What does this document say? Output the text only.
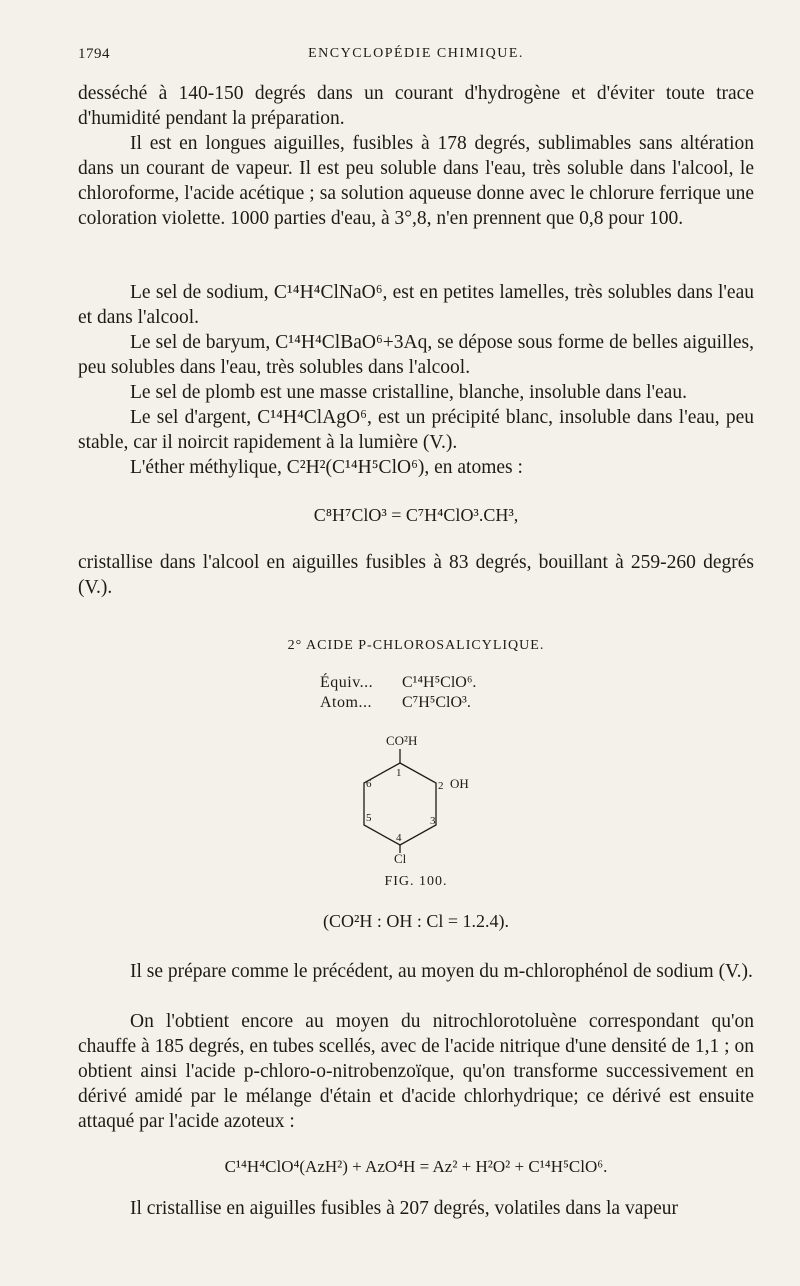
1794	ENCYCLOPÉDIE CHIMIQUE.

desséché à 140-150 degrés dans un courant d'hydrogène et d'éviter toute trace d'humidité pendant la préparation.

Il est en longues aiguilles, fusibles à 178 degrés, sublimables sans altération dans un courant de vapeur. Il est peu soluble dans l'eau, très soluble dans l'alcool, le chloroforme, l'acide acétique ; sa solution aqueuse donne avec le chlorure ferrique une coloration violette. 1000 parties d'eau, à 3°,8, n'en prennent que 0,8 pour 100.

Le sel de sodium, C¹⁴H⁴ClNaO⁶, est en petites lamelles, très solubles dans l'eau et dans l'alcool.

Le sel de baryum, C¹⁴H⁴ClBaO⁶+3Aq, se dépose sous forme de belles aiguilles, peu solubles dans l'eau, très solubles dans l'alcool.

Le sel de plomb est une masse cristalline, blanche, insoluble dans l'eau.

Le sel d'argent, C¹⁴H⁴ClAgO⁶, est un précipité blanc, insoluble dans l'eau, peu stable, car il noircit rapidement à la lumière (V.).

L'éther méthylique, C²H²(C¹⁴H⁵ClO⁶), en atomes :

C⁸H⁷ClO³ = C⁷H⁴ClO³.CH³,

cristallise dans l'alcool en aiguilles fusibles à 83 degrés, bouillant à 259-260 degrés (V.).

2° ACIDE P-CHLOROSALICYLIQUE.

Équiv... C¹⁴H⁵ClO⁶.
Atom... C⁷H⁵ClO³.
CO²H
OH
Cl
1
2
3
4
5
6

FIG. 100.

(CO²H : OH : Cl = 1.2.4).

Il se prépare comme le précédent, au moyen du m-chlorophénol de sodium (V.).

On l'obtient encore au moyen du nitrochlorotoluène correspondant qu'on chauffe à 185 degrés, en tubes scellés, avec de l'acide nitrique d'une densité de 1,1 ; on obtient ainsi l'acide p-chloro-o-nitrobenzoïque, qu'on transforme successivement en dérivé amidé par le mélange d'étain et d'acide chlorhydrique; ce dérivé est ensuite attaqué par l'acide azoteux :

C¹⁴H⁴ClO⁴(AzH²) + AzO⁴H = Az² + H²O² + C¹⁴H⁵ClO⁶.

Il cristallise en aiguilles fusibles à 207 degrés, volatiles dans la vapeur
